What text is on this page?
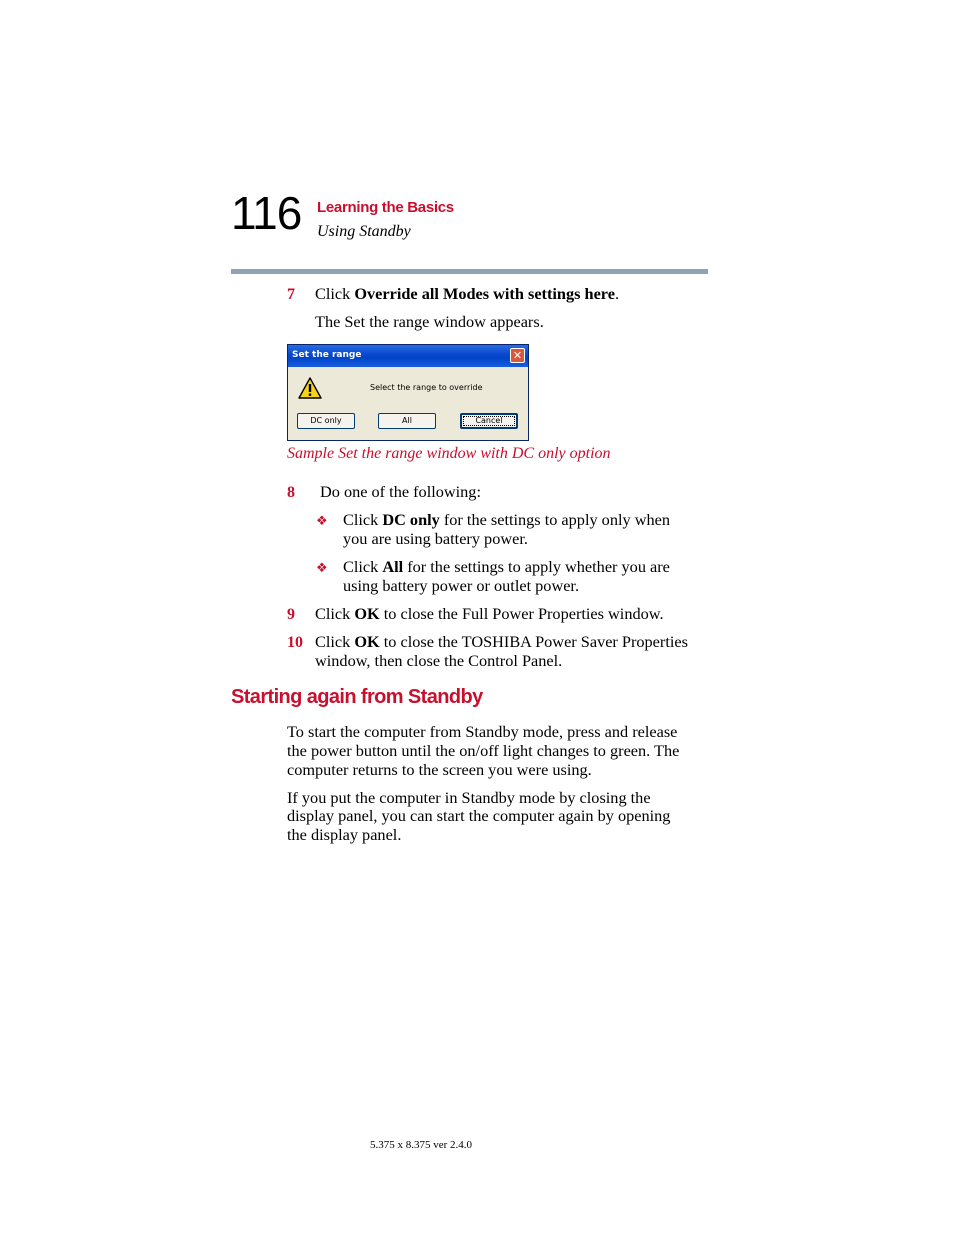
116 Learning the Basics
Using Standby
7 Click Override all Modes with settings here.
The Set the range window appears.
Set the range	✕
Select the range to override
DC only	All	Cancel
Sample Set the range window with DC only option
8 Do one of the following:
❖ Click DC only for the settings to apply only when
you are using battery power.
❖ Click All for the settings to apply whether you are
using battery power or outlet power.
9 Click OK to close the Full Power Properties window.
10 Click OK to close the TOSHIBA Power Saver Properties
window, then close the Control Panel.
Starting again from Standby
To start the computer from Standby mode, press and release
the power button until the on/off light changes to green. The
computer returns to the screen you were using.
If you put the computer in Standby mode by closing the
display panel, you can start the computer again by opening
the display panel.
5.375 x 8.375 ver 2.4.0
